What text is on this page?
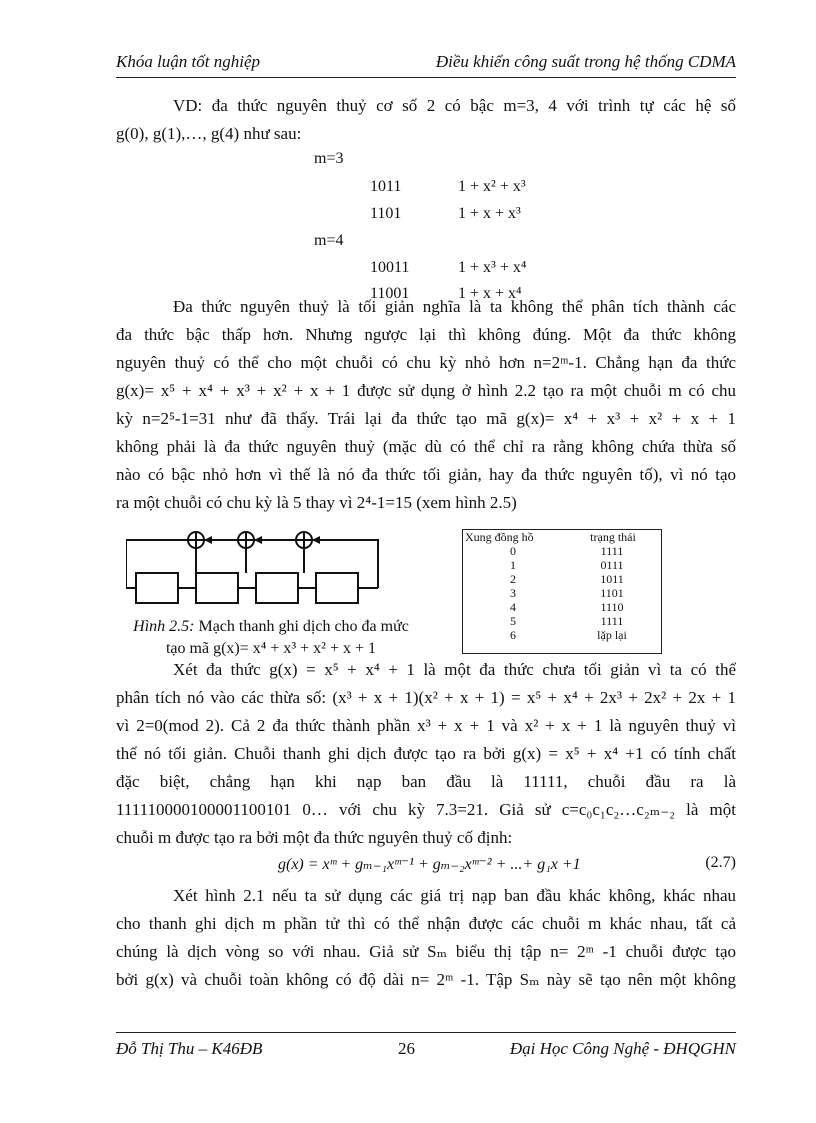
Khóa luận tốt nghiệp	Điều khiển công suất trong hệ thống CDMA

VD: đa thức nguyên thuỷ cơ số 2 có bậc m=3, 4 với trình tự các hệ số

g(0), g(1),…, g(4) như sau:

m=3
1011	1 + x² + x³
1101	1 + x + x³
m=4
10011	1 + x³ + x⁴
11001	1 + x + x⁴

Đa thức nguyên thuỷ là tối giản nghĩa là ta không thể phân tích thành các

đa thức bậc thấp hơn. Nhưng ngược lại thì không đúng. Một đa thức không

nguyên thuỷ có thể cho một chuỗi có chu kỳ nhỏ hơn n=2ᵐ-1. Chẳng hạn đa thức

g(x)= x⁵ + x⁴ + x³ + x² + x + 1 được sử dụng ở hình 2.2 tạo ra một chuỗi m có chu

kỳ n=2⁵-1=31 như đã thấy. Trái lại đa thức tạo mã g(x)= x⁴ + x³ + x² + x + 1

không phải là đa thức nguyên thuỷ (mặc dù có thể chỉ ra rằng không chứa thừa số

nào có bậc nhỏ hơn vì thế là nó đa thức tối giản, hay đa thức nguyên tố), vì nó tạo

ra một chuỗi có chu kỳ là 5 thay vì 2⁴-1=15 (xem hình 2.5)

Hình 2.5: Mạch thanh ghi dịch cho đa mức
tạo mã g(x)= x⁴ + x³ + x² + x + 1
Xung đồng hồ	trạng thái
0	1111
1	0111
2	1011
3	1101
4	1110
5	1111
6	lặp lại

Xét đa thức g(x) = x⁵ + x⁴ + 1 là một đa thức chưa tối giản vì ta có thể

phân tích nó vào các thừa số: (x³ + x + 1)(x² + x + 1) = x⁵ + x⁴ + 2x³ + 2x² + 2x + 1

vì 2=0(mod 2). Cả 2 đa thức thành phần x³ + x + 1 và x² + x + 1 là nguyên thuỷ vì

thế nó tối giản. Chuỗi thanh ghi dịch được tạo ra bởi g(x) = x⁵ + x⁴ +1 có tính chất

đặc biệt, chẳng hạn khi nạp ban đầu là 11111, chuỗi đầu ra là

111110000100001100101 0… với chu kỳ 7.3=21. Giả sử c=c₀c₁c₂…c₂ₘ₋₂ là một

chuỗi m được tạo ra bởi một đa thức nguyên thuỷ cố định:

g(x) = xᵐ + gₘ₋₁xᵐ⁻¹ + gₘ₋₂xᵐ⁻² + ...+ g₁x +1	(2.7)

Xét hình 2.1 nếu ta sử dụng các giá trị nạp ban đầu khác không, khác nhau

cho thanh ghi dịch m phần tử thì có thể nhận được các chuỗi m khác nhau, tất cả

chúng là dịch vòng so với nhau. Giả sử Sₘ biểu thị tập n= 2ᵐ -1 chuỗi được tạo

bởi g(x) và chuỗi toàn không có độ dài n= 2ᵐ -1. Tập Sₘ này sẽ tạo nên một không

Đỗ Thị Thu – K46ĐB	26	Đại Học Công Nghệ - ĐHQGHN
